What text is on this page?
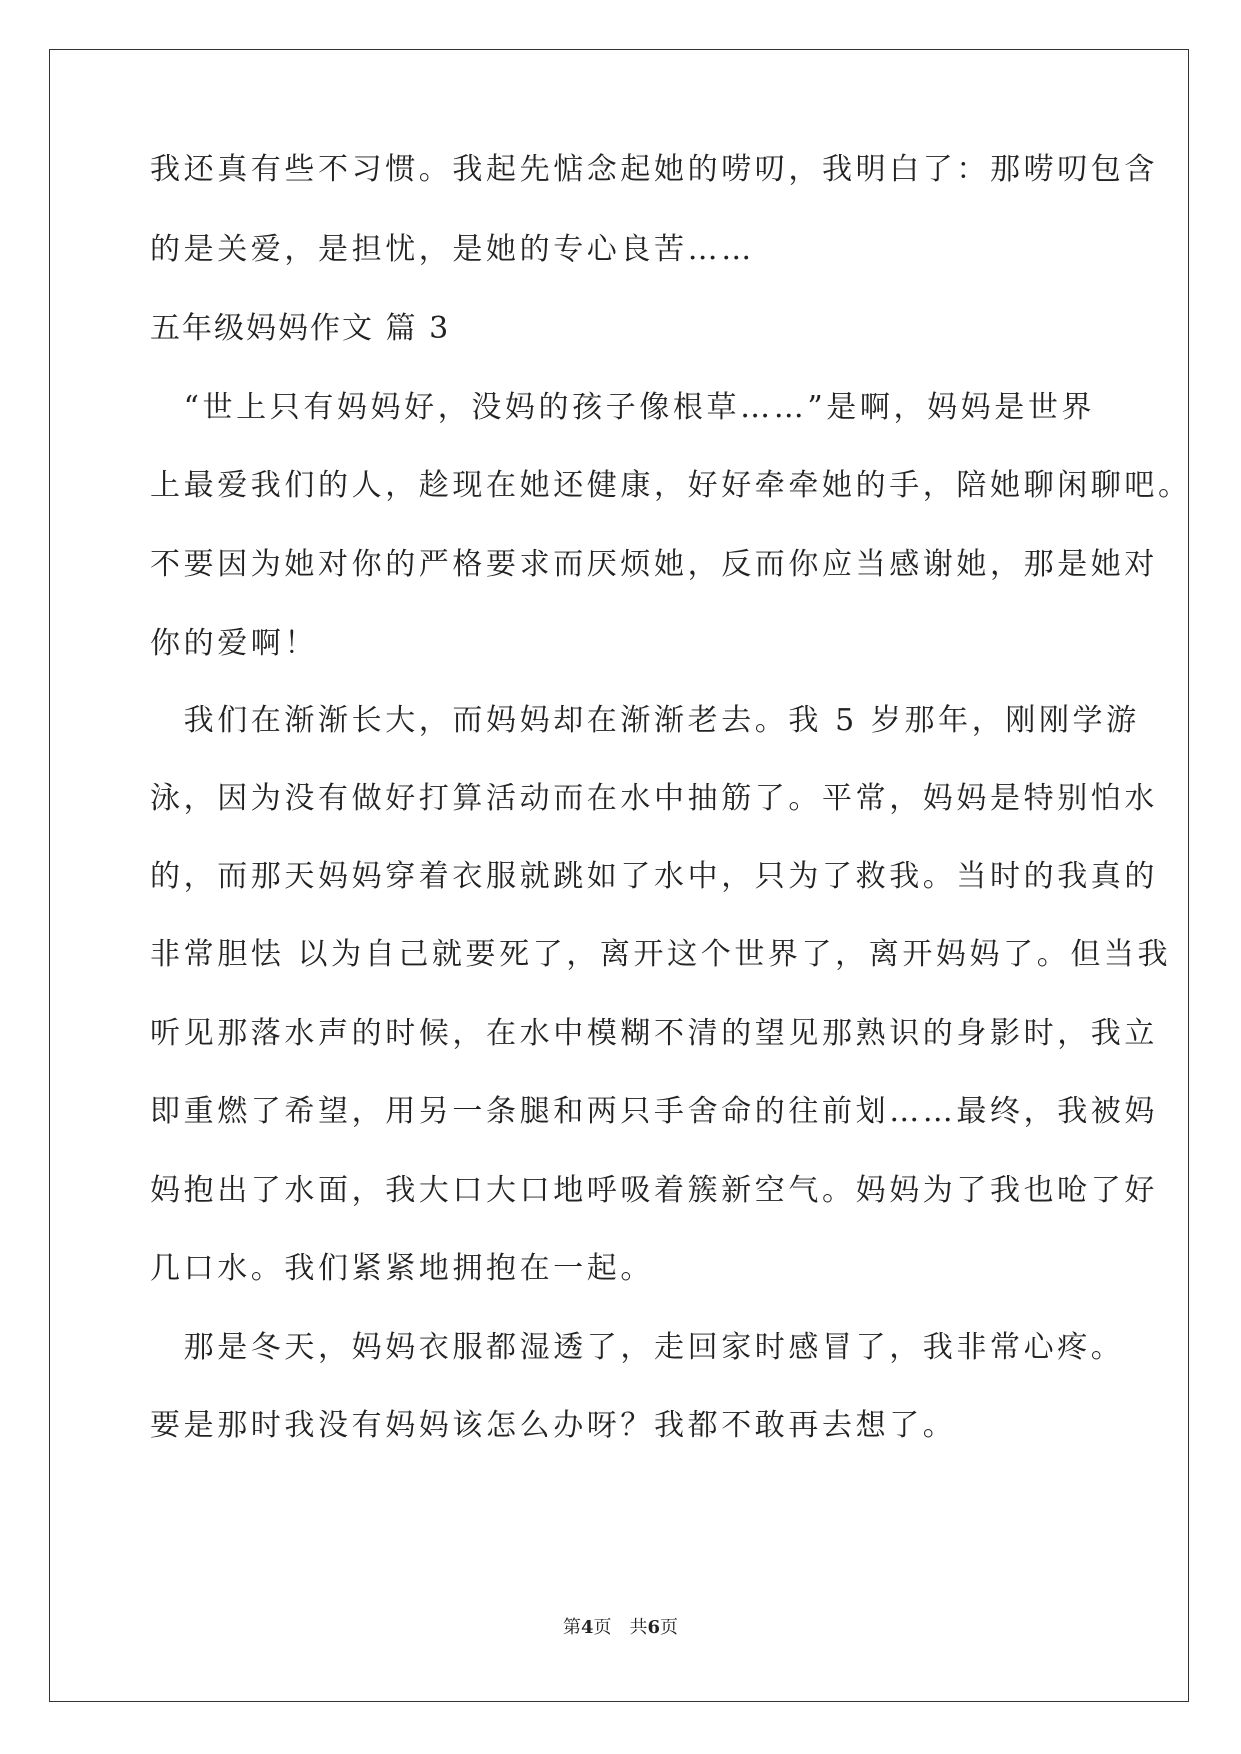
我还真有些不习惯。我起先惦念起她的唠叨，我明白了：那唠叨包含
的是关爱，是担忧，是她的专心良苦……
五年级妈妈作文 篇 3
　“世上只有妈妈好，没妈的孩子像根草……”是啊，妈妈是世界
上最爱我们的人，趁现在她还健康，好好牵牵她的手，陪她聊闲聊吧。
不要因为她对你的严格要求而厌烦她，反而你应当感谢她，那是她对
你的爱啊！
　我们在渐渐长大，而妈妈却在渐渐老去。我 5 岁那年，刚刚学游
泳，因为没有做好打算活动而在水中抽筋了。平常，妈妈是特别怕水
的，而那天妈妈穿着衣服就跳如了水中，只为了救我。当时的我真的
非常胆怯 以为自己就要死了，离开这个世界了，离开妈妈了。但当我
听见那落水声的时候，在水中模糊不清的望见那熟识的身影时，我立
即重燃了希望，用另一条腿和两只手舍命的往前划……最终，我被妈
妈抱出了水面，我大口大口地呼吸着簇新空气。妈妈为了我也呛了好
几口水。我们紧紧地拥抱在一起。
　那是冬天，妈妈衣服都湿透了，走回家时感冒了，我非常心疼。
要是那时我没有妈妈该怎么办呀？我都不敢再去想了。
第4页　共6页
